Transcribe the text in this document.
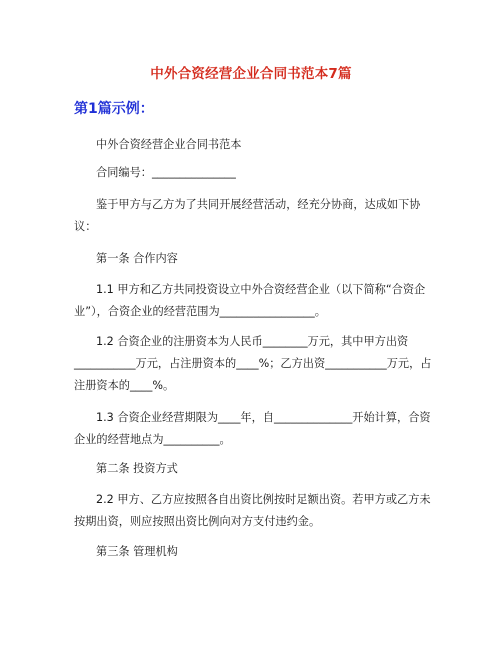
中外合资经营企业合同书范本7篇
第1篇示例：

中外合资经营企业合同书范本

合同编号：_______________

鉴于甲方与乙方为了共同开展经营活动，经充分协商，达成如下协议：

第一条 合作内容

1.1 甲方和乙方共同投资设立中外合资经营企业（以下简称“合资企业”），合资企业的经营范围为_________________。

1.2 合资企业的注册资本为人民币________万元，其中甲方出资___________万元，占注册资本的____%；乙方出资___________万元，占注册资本的____%。

1.3 合资企业经营期限为____年，自______________开始计算，合资企业的经营地点为__________。

第二条 投资方式

2.2 甲方、乙方应按照各自出资比例按时足额出资。若甲方或乙方未按期出资，则应按照出资比例向对方支付违约金。

第三条 管理机构
